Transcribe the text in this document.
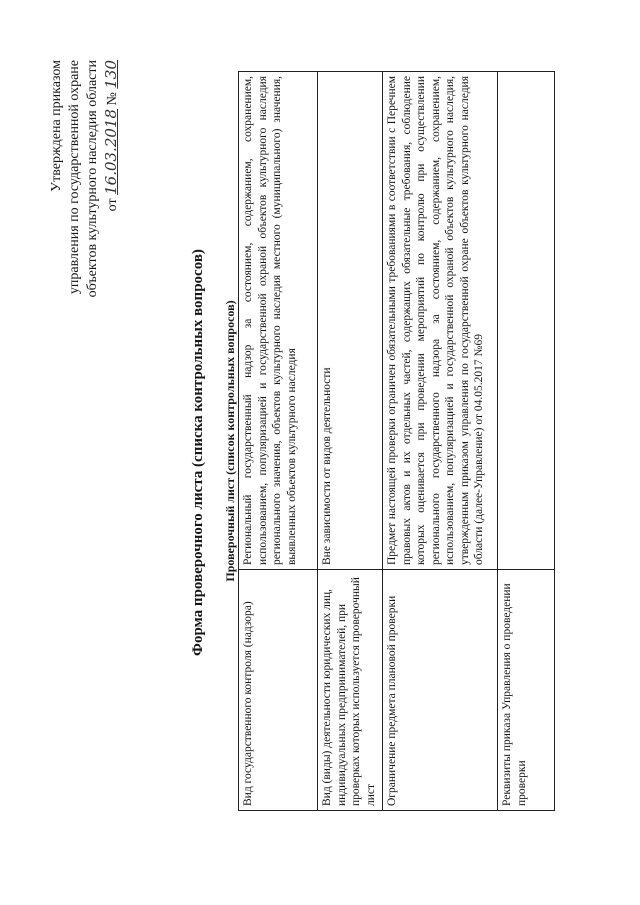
Утверждена приказом управления по государственной охране объектов культурного наследия области от 16.03.2018 № 130
Форма проверочного листа (списка контрольных вопросов) Проверочный лист (список контрольных вопросов)
Вид государственного контроля (надзора)	Региональный государственный надзор за состоянием, содержанием, сохранением, использованием, популяризацией и государственной охраной объектов культурного наследия регионального значения, объектов культурного наследия местного (муниципального) значения, выявленных объектов культурного наследия
Вид (виды) деятельности юридических лиц, индивидуальных предпринимателей, при проверках которых используется проверочный лист	Вне зависимости от видов деятельности
Ограничение предмета плановой проверки	Предмет настоящей проверки ограничен обязательными требованиями в соответствии с Перечнем правовых актов и их отдельных частей, содержащих обязательные требования, соблюдение которых оценивается при проведении мероприятий по контролю при осуществлении регионального государственного надзора за состоянием, содержанием, сохранением, использованием, популяризацией и государственной охраной объектов культурного наследия, утвержденным приказом управления по государственной охране объектов культурного наследия области (далее-Управление) от 04.05.2017 №69
Реквизиты приказа Управления о проведении проверки	
